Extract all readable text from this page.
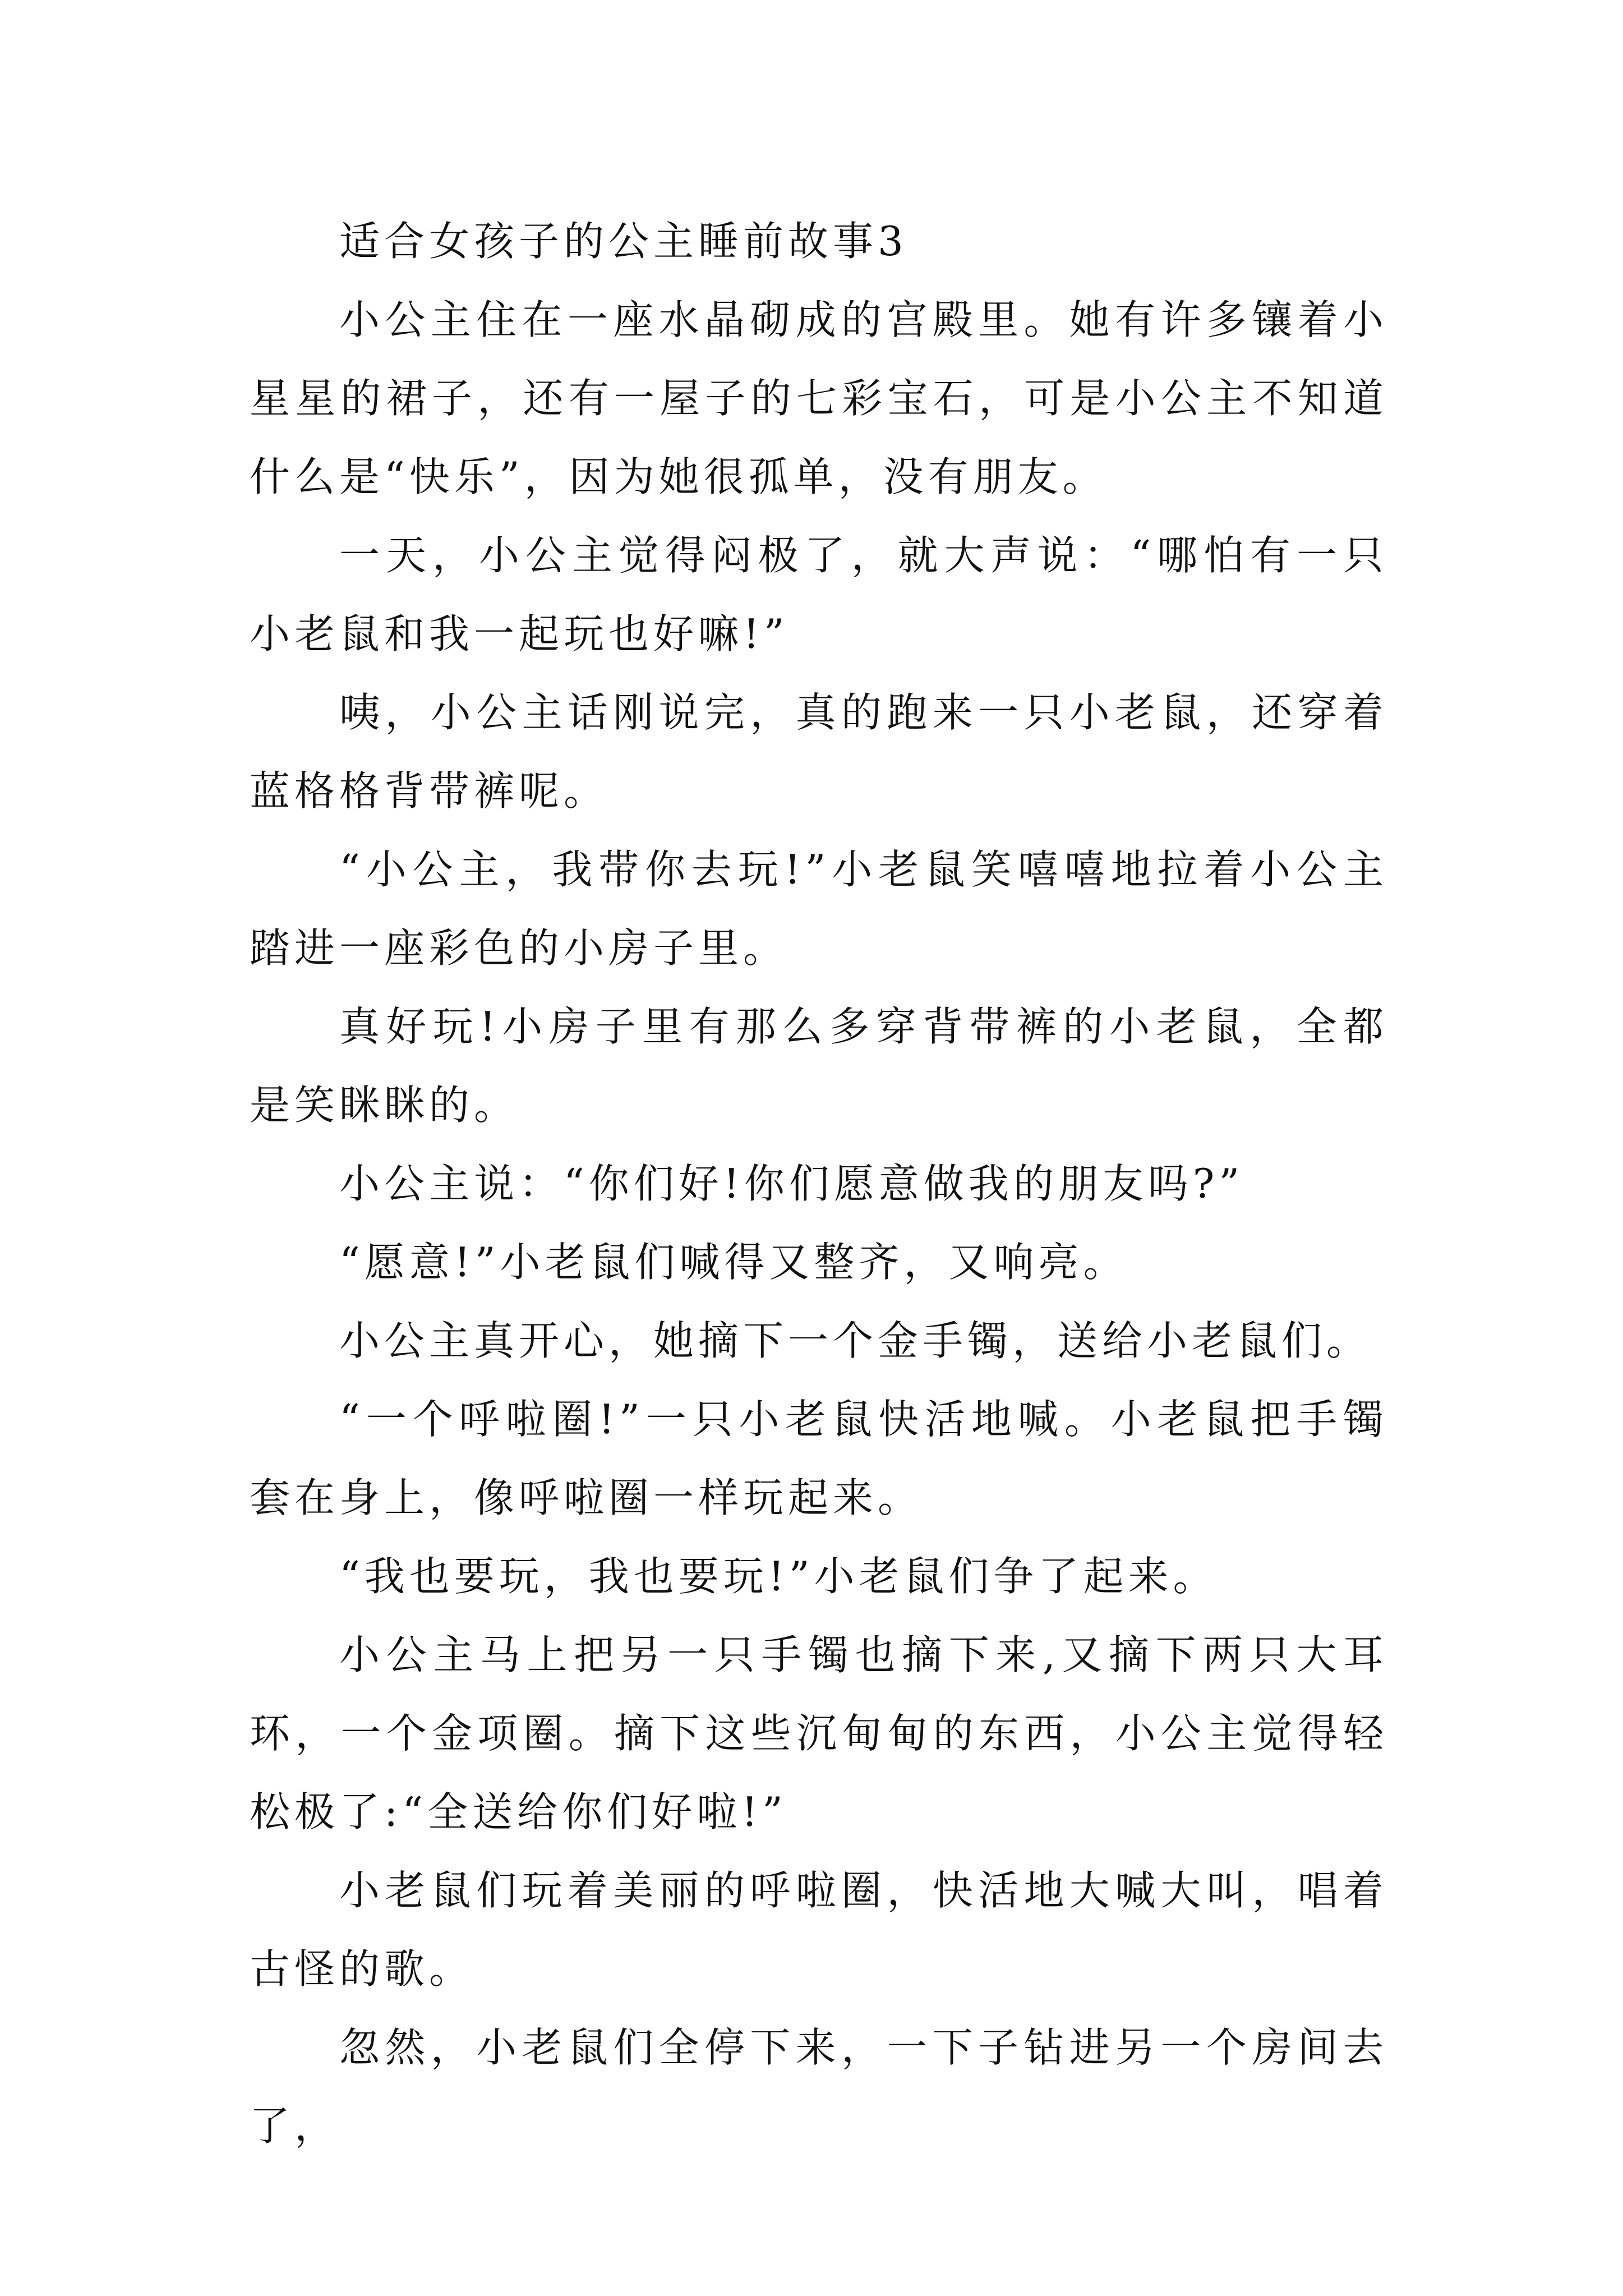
适合女孩子的公主睡前故事3

小公主住在一座水晶砌成的宫殿里。她有许多镶着小星星的裙子，还有一屋子的七彩宝石，可是小公主不知道什么是“快乐”，因为她很孤单，没有朋友。

一天，小公主觉得闷极了，就大声说：“哪怕有一只小老鼠和我一起玩也好嘛!”

咦，小公主话刚说完，真的跑来一只小老鼠，还穿着蓝格格背带裤呢。

“小公主，我带你去玩!”小老鼠笑嘻嘻地拉着小公主踏进一座彩色的小房子里。

真好玩!小房子里有那么多穿背带裤的小老鼠，全都是笑眯眯的。

小公主说：“你们好!你们愿意做我的朋友吗?”

“愿意!”小老鼠们喊得又整齐，又响亮。

小公主真开心，她摘下一个金手镯，送给小老鼠们。

“一个呼啦圈!”一只小老鼠快活地喊。小老鼠把手镯套在身上，像呼啦圈一样玩起来。

“我也要玩，我也要玩!”小老鼠们争了起来。

小公主马上把另一只手镯也摘下来,又摘下两只大耳环，一个金项圈。摘下这些沉甸甸的东西，小公主觉得轻松极了:“全送给你们好啦!”

小老鼠们玩着美丽的呼啦圈，快活地大喊大叫，唱着古怪的歌。

忽然，小老鼠们全停下来，一下子钻进另一个房间去了，
